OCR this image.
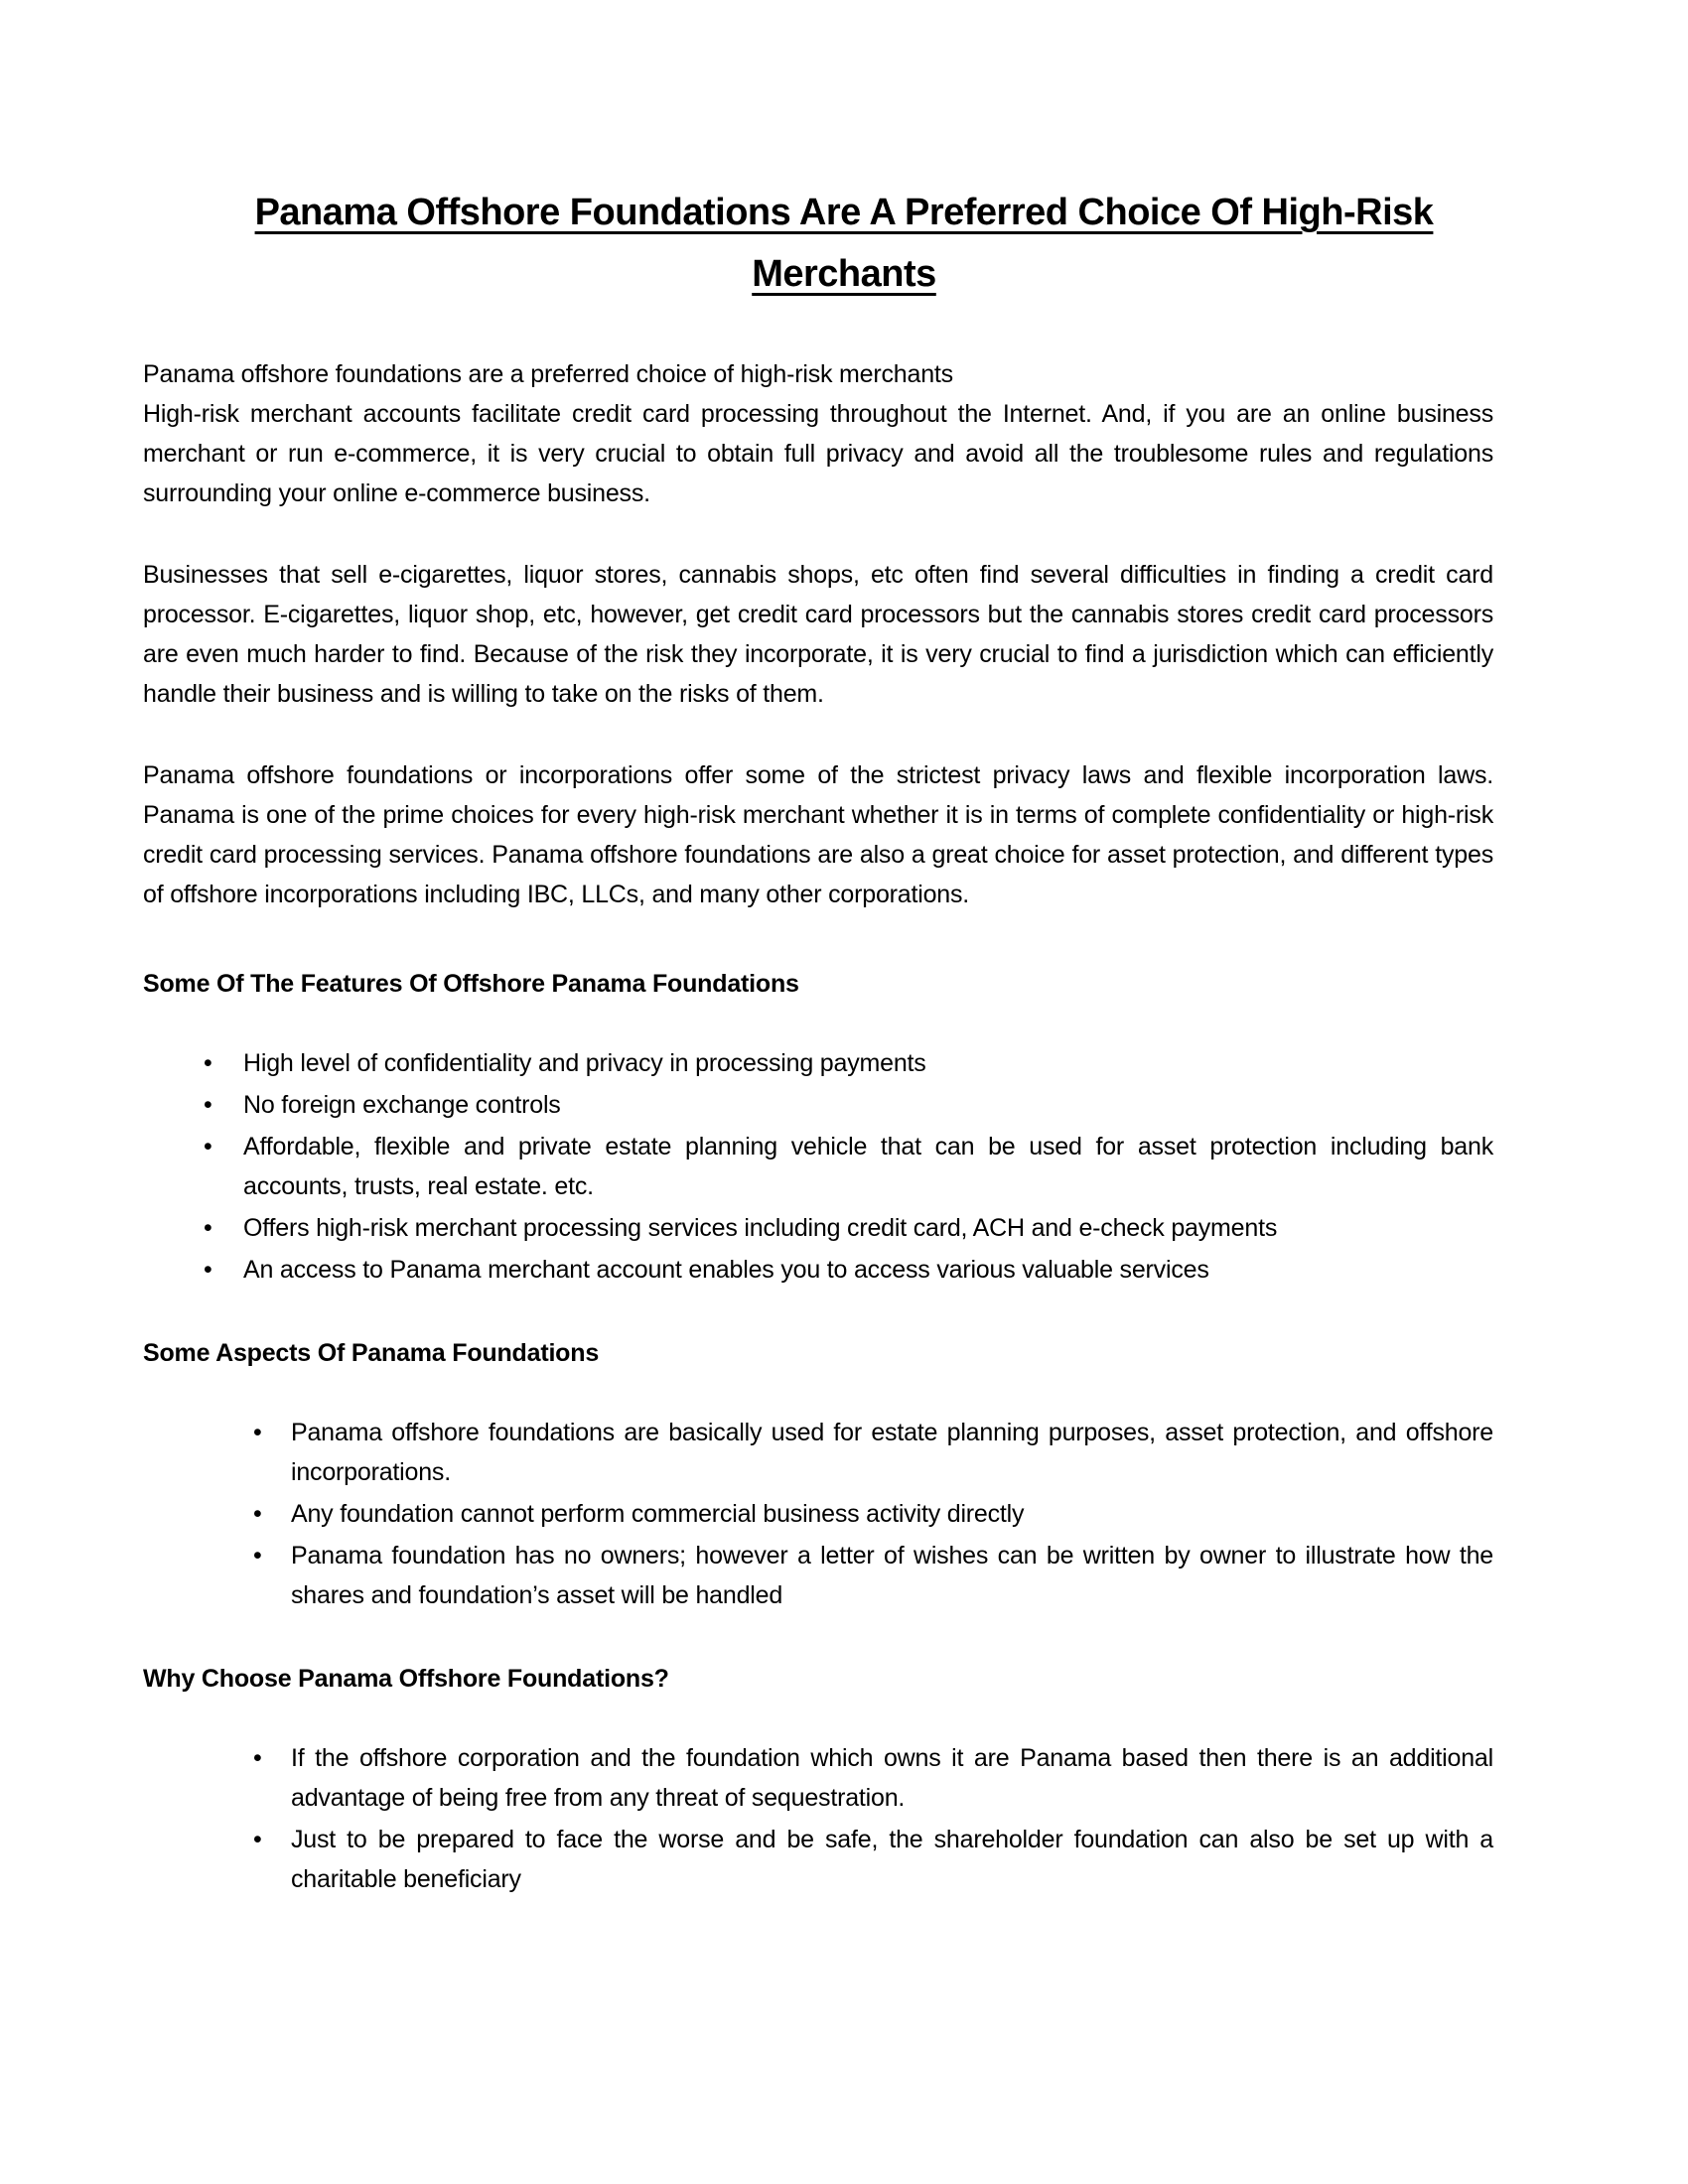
Panama Offshore Foundations Are A Preferred Choice Of High-Risk
Merchants
Panama offshore foundations are a preferred choice of high-risk merchants
High-risk merchant accounts facilitate credit card processing throughout the Internet. And, if you are an online business merchant or run e-commerce, it is very crucial to obtain full privacy and avoid all the troublesome rules and regulations surrounding your online e-commerce business.
Businesses that sell e-cigarettes, liquor stores, cannabis shops, etc often find several difficulties in finding a credit card processor. E-cigarettes, liquor shop, etc, however, get credit card processors but the cannabis stores credit card processors are even much harder to find. Because of the risk they incorporate, it is very crucial to find a jurisdiction which can efficiently handle their business and is willing to take on the risks of them.
Panama offshore foundations or incorporations offer some of the strictest privacy laws and flexible incorporation laws. Panama is one of the prime choices for every high-risk merchant whether it is in terms of complete confidentiality or high-risk credit card processing services. Panama offshore foundations are also a great choice for asset protection, and different types of offshore incorporations including IBC, LLCs, and many other corporations.
Some Of The Features Of Offshore Panama Foundations
• High level of confidentiality and privacy in processing payments
• No foreign exchange controls
• Affordable, flexible and private estate planning vehicle that can be used for asset protection including bank accounts, trusts, real estate. etc.
• Offers high-risk merchant processing services including credit card, ACH and e-check payments
• An access to Panama merchant account enables you to access various valuable services
Some Aspects Of Panama Foundations
• Panama offshore foundations are basically used for estate planning purposes, asset protection, and offshore incorporations.
• Any foundation cannot perform commercial business activity directly
• Panama foundation has no owners; however a letter of wishes can be written by owner to illustrate how the shares and foundation’s asset will be handled
Why Choose Panama Offshore Foundations?
• If the offshore corporation and the foundation which owns it are Panama based then there is an additional advantage of being free from any threat of sequestration.
• Just to be prepared to face the worse and be safe, the shareholder foundation can also be set up with a charitable beneficiary
